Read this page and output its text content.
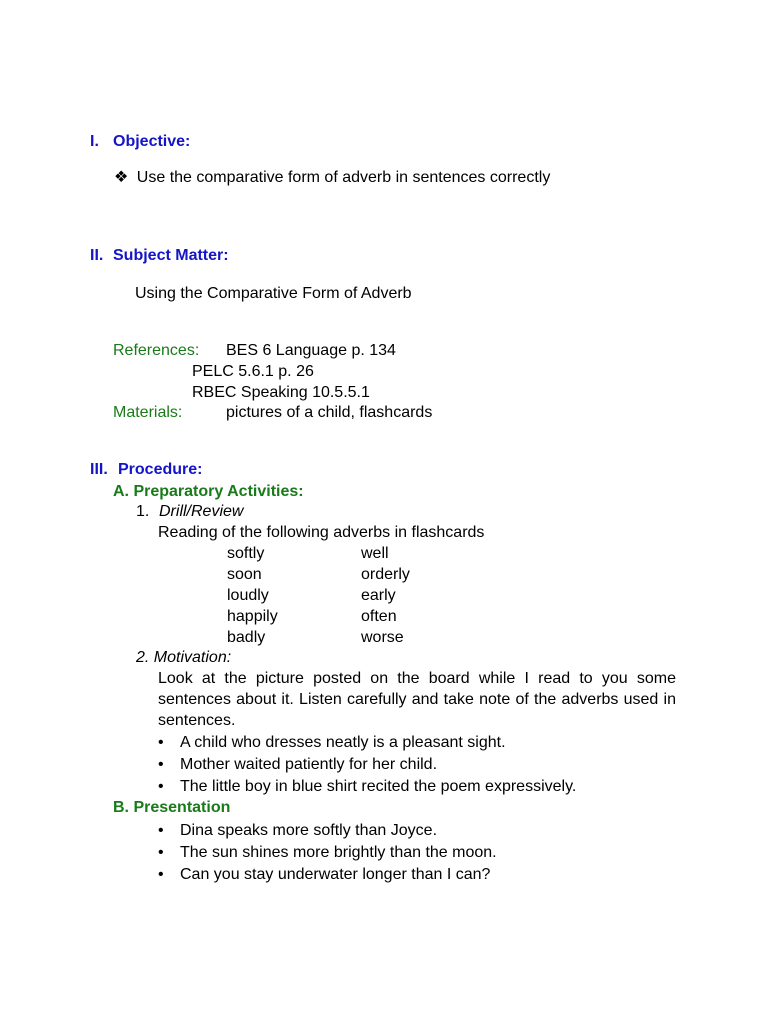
I. Objective:
❖ Use the comparative form of adverb in sentences correctly
II. Subject Matter:
Using the Comparative Form of Adverb
References: BES 6 Language p. 134
PELC 5.6.1 p. 26
RBEC Speaking 10.5.5.1
Materials:	pictures of a child, flashcards
III. Procedure:
A. Preparatory Activities:
1. Drill/Review
Reading of the following adverbs in flashcards
softly	well
soon	orderly
loudly	early
happily	often
badly	worse
2. Motivation:
Look at the picture posted on the board while I read to you some sentences about it. Listen carefully and take note of the adverbs used in sentences.
• A child who dresses neatly is a pleasant sight.
• Mother waited patiently for her child.
• The little boy in blue shirt recited the poem expressively.
B. Presentation
• Dina speaks more softly than Joyce.
• The sun shines more brightly than the moon.
• Can you stay underwater longer than I can?
